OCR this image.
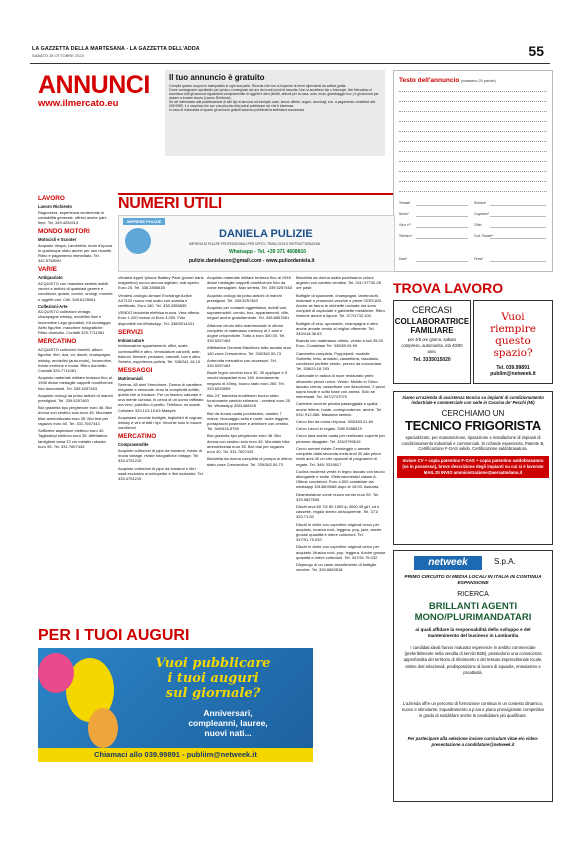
LA GAZZETTA DELLA MARTESANA - LA GAZZETTA DELL'ADDA
SABATO 28 OTTOBRE 2023	55
ANNUNCI
www.ilmercato.eu
Il tuo annuncio è gratuito

Compila questo coupon in stampatello in ogni sua parte. Ricorda che non si risponde di errori dipendenti da cattiva grafia.

Come consegnarlo: spediscilo per posta o consegnalo ad uno dei nostri punti di raccolta. Non si accettano fax o fotocopie. Nel Mercatino si accettano tutti gli annunci riguardanti compravendite di oggetti e altro (furetti, articoli per la casa, auto, moto, giardinaggio ecc.) e gli annunci per aiutare a trovare lavoro (Lavoro Richiesto).

Se sei interessato alla pubblicazione di altri tipi di annunci ad esempio case, lavoro offerte, auguri, necrologi, ecc. a pagamento contattaci allo 039.9989. 1 e scoprirai che con una piccola cifra potrai pubblicare ciò che ti interessa.

In caso di mancanza di spazio gli annunci gratuiti saranno pubblicati la settimana successiva.

Testo dell'annuncio (massimo 20 parole)
Testata*	Rubrica*
Nome*	Cognome*
Via e n°*	Città*
Telefono*	Cod. Fiscale*
Data*	Firma*
LAVORO
Lavoro Richiesto

Ragioniera, esperienza ventennale in contabilità generale, offresi anche part-time. Tel. 349.4254113

MONDO MOTORI
Motocicli e Scooter

Acquisto Vespa, Lambretta, moto d'epoca in qualunque stato anche per uso ricambi. Ritiro e pagamento immediato. Tel. 342.5758002

VARIE
Antiquariato

ACQUISTO con massima serietà mobili vecchi e antichi di qualsiasi genere e condizioni, quadri, cornici, orologi, monete e oggetti vari. Cell. 349.6125061

Collezioni-Arte

ACQUISTO collezioni vintage, champagne whisky, modellini lioni e locomotive Lego giocattoli, Kit montaggio Airfix figurine, macchine fotografiche. Ritiro domicilio. Contatti 329-7711081

MERCATINO

ACQUISTO collezioni fumetti, album figurine, libri, dvd, cd, dischi, champagne, whisky, modellini (auto-moto), locomotive, riviste erotiche e moda. Ritiro domicilio. Contatti 329-7711081

Acquisto materiale militare tedesco fino al 1945 divise medaglie cappelli onorificenze foto documenti. Tel. 339.5257463

Acquisto orologi da polso antichi di marchi prestigiosi. Tel. 339.5257463

Bici graziella tipo pieghevole euro 48. Bici donna con cestino solo euro 45. Mountain bike ammortizzata euro 35. Bici trial per ragazzo euro 40. Tel. 331.7607443

Sofficiere aspiratore elettrico euro 40. Tagliasiepi elettrico euro 35. Affettatrice famigliare lama 22 cm metallo robusta euro 55. Tel. 331.7607443

NUMERI UTILI
IMPRESE PULIZIE
DANIELA PULIZIE
IMPRESA DI PULIZIE PROFESSIONALI PER UFFICI, TRASLOCHI E RISTRUTTURAZIONI
Whatsapp - Tel. +39 371 4608810
pulizie.danielazoo@gmail.com - www.pulizedaniela.it

Vendesi Apple Iphone Battery Pack (power bank magnetico) nuovo ancora sigillato, mai aperto. Euro 25. Tel. 338.2856835

Vendesi orologio Armani Exchange Active AX7102 nuovo mai usato con scatola e certificato. Euro 180. Tel. 338.2856835

VENDO bicicletta elettrica nuova. Vera offerta. Euro 1.200 invece di Euro 3.000. Foto disponibili via WhatsApp. Tel. 338/5014431

SERVIZI
Imbiancature

Imbiancature appartamenti, uffici, scale, controsoffitti e altro. Verniciature cancelli, ante, balconi, finestre, persiane, cancelli, box e altro. Serietà, esperienza pulizia. Tel. 338/341.16.15

MESSAGGI
Matrimoniali

Serena, 48 anni Vimodrone. Donna di carattere, elegante e sensuale. Amo la complicità sottile, quella che si intuisce. Per un fascino naturale e una mente curiosa, in cerca di un uomo raffinato ma vero, pubblico il profilo. Telefono: mi scade. Cellulare 333.123.15.63 Madyee

Acquistasi vecchie bottiglie, bigliettini di cognac, whisky e vini di tutti i tipi. Vecchie solo in buone condizioni

MERCATINO
Compravendite

Acquisto collezioni di pipe da fumatori, riviste di moda vintage, riviste fotografiche vintage. Tel. 333.4751215

Acquisto collezioni di pipe da fumatori e libri usati esclusivo enciclopedie e libri scolastici. Tel. 333.4751215

Acquisto materiale militare tedesco fino al 1945 divise medaglie cappelli onorificenze foto da corse bersaglieri. Max serietà. Tel. 339.5257463

Acquisto orologi da polso antichi di marchi prestigiosi. Tel. 339.5257463

Acquisto per contanti oggettistica, mobili vari, soprammobili, cornici, box, appartamenti, ville, negozi anche gratuitamente. Tel. 345.6857661

Affarone vendo letto matrimoniale in ottone completo di materasso memory di 2 anni e doghe ortopediche. Tutto a euro 300,00. Tel. 339.5257463

Affettatrice General Machines tutta acciaio euro 160 zona Crescentino. Tel. 339/362.50.73

Antenotta mercatino con accessori. Tel. 339.5257463

Baule legno vecchio euro 30. 30 applique e 5 vecchi lampadari euro 160. Arredamento negozio di 40mq, buono stato euro 250. Tel. 333.6033559

Bici 24° bambina doubleson buono stato funzionante cambio shimano - vendesi euro 25 Tel. WhatsApp 3281368415

Bici da donna usata pochissimo, cambio 7 marce, bloccaggio sella e ruote, ruote leggere, portapacchi posteriore e anteriore con cestino. Tel. 340/616.5759

Bici graziella tipo pieghevole euro 48. Bici donna con cestino solo euro 45. Mountain bike ammortizzata euro 35. Bici trial per ragazzo euro 40. Tel. 331.7607443

Bicicletta da donna completa di pompa in ottimo stato zona Crescentino. Tel. 339/362.50.73

Bicicletta da donna usata pochissimo colore argento con cambio vendesi. Tel. 011/ 97730.28 ore pasti

Bottiglie di spumante, champagne, lambruschi, malvasie e prosecchi vecchie e piene CERCASI. Anche se fanno le etichette rovinate ma sono completi di capsulate e gabbiette metalliche. Ritiro insieme anche a liquori. Tel. 377/4732.100.

Bottiglie di vino, spumante, champagne e altro anche annate vendo al miglior offerente. Tel. 340/418.38.63

Branda con materasso ottimo, vendo a soli 35,00 Euro. Contattare Tel. 339/89.04.99

Cameretta completa, Poppepedi, modelle Sorbetto, letto, armadio, cassettiera, fasciatoio, condizioni perfette vendo, prezzo da concordare. Tel. 338/29.18.783

Cantonale in radica di noce restaurato primi ottocento pezzo unico. Vendo. Mobile in Orino laccato crema, cassettone con descrizioni, 2 pezzi sopra baule e sotto base con anima. Solo se interessati. Tel. 347/2747070

Carteline vecchie privata passeggiata a spalla, anche lettere, buste, corrispondenze, anche. Tel 031/ 912.586. Massima serietà.

Cerco bici da corsa d'epoca. 333/483.31.84

Cerco Lavori in regalo. 349/ 6356519

Cerco lana anche usata per realizzare coperte per persone disagiate. Tel. 333/3799619

Cerco numeri riviste Cenoteggio o annate complete dalla seconda metà anni 20 alla prima metà anni 40 un che opuscoli di programmi di regate. Tel. 349/ 3319817

Cucina moderna verde in legno laccato con tavolo allungabile e sedie. Elettrodomestici classe A. Ottime condizioni. Euro 4.500 contattare via whatsapp 3313803088 dopo le 19:00. Assunta

Deambulatore come nuovo vendo euro 50. Tel. 329.9827606

Dischi anni 60 70/ 80 1500 lp 3000 45 giri, cd e cassette, regalo stereo all'acquirente. Tel. 371/ 320.71.60

Dischi in vinile con copertine originali cerco per acquisto, musica rock, leggera, pop, jazz, anche grosse quantità e intere collezioni. Tel. 347/91.75.032.

Dischi in vinile con copertine originali cerco per acquisto. Musica rock, pop, leggera. Anche grosse quantità e intere collezioni. Tel. 347/91.75.032

Dispongo di un vasto assortimento di bottiglie vecchie. Tel. 339.6583818

TROVA LAVORO
CERCASI
COLLABORATRICE FAMILIARE
per 4/6 ore giorno, sabato compreso, automunita, età 40/50 anni,
Tel. 3335015020
Vuoi riempire questo spazio?
Tel. 039.99891
publim@netweek.it
Siamo un'azienda di assistenza tecnica su impianti di condizionamento industriale e commerciale con sede in Cassina de' Pecchi (Mi)
CERCHIAMO UN
TECNICO FRIGORISTA
specializzato, per manutenzione, riparazione e installazione di impianti di condizionamento industriali e commerciali. Si richiede esperienza, Patente B, Certificazione F-GAS valido, Certificazione saldobrasatura.
Inviare CV + copia patentino F-GAS + copia patentino saldobrasatura (se in possesso), breve descrizione degli impianti su cui si è lavorato MAIL DI INVIO amministrazione@aersatmilano.it
netweek	S.p.A.
PRIMO CIRCUITO DI MEDIA LOCALI IN ITALIA IN CONTINUA ESPANSIONE
RICERCA
BRILLANTI AGENTI MONO/PLURIMANDATARI
ai quali affidare la responsabilità dello sviluppo e del mantenimento del business in Lombardia
I candidati ideali hanno maturato esperienze in ambito commerciale (preferibilmente nella vendita di servizi B2B), possiedono una conoscenza approfondita del territorio di riferimento e del tessuto imprenditoriale locale, ottime doti relazionali, predisposizione al lavoro di squadra, entusiasmo e proattività.
L'azienda offre un percorso di formazione continua in un contesto dinamico, nuovo e stimolante. Inquadramento a p.iva e piano provvigionale competitivo in grado di soddisfare anche le candidature più qualificate.
Per partecipare alla selezione inviare curriculum vitae e/o video-presentazione a candidature@netweek.it
PER I TUOI AUGURI
Vuoi pubblicare
i tuoi auguri
sul giornale?
Anniversari,
compleanni, lauree,
nuovi nati...
Chiamaci allo 039.99891 - publiim@netweek.it
